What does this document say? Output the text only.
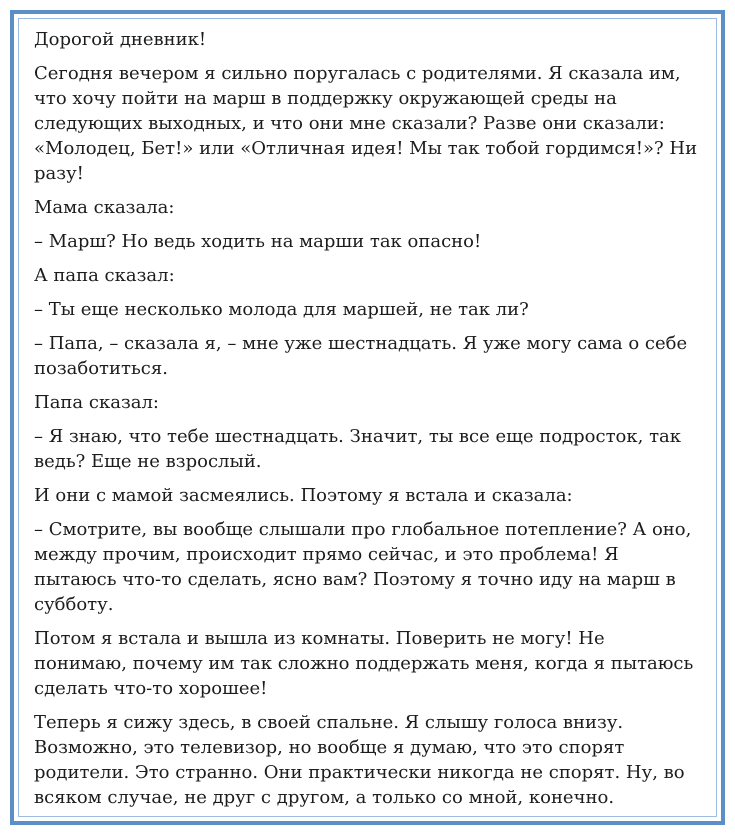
Дорогой дневник!

Сегодня вечером я сильно поругалась с родителями. Я сказала им, что хочу пойти на марш в поддержку окружающей среды на следующих выходных, и что они мне сказали? Разве они сказали: «Молодец, Бет!» или «Отличная идея! Мы так тобой гордимся!»? Ни разу!

Мама сказала:

– Марш? Но ведь ходить на марши так опасно!

А папа сказал:

– Ты еще несколько молода для маршей, не так ли?

– Папа, – сказала я, – мне уже шестнадцать. Я уже могу сама о себе позаботиться.

Папа сказал:

– Я знаю, что тебе шестнадцать. Значит, ты все еще подросток, так ведь? Еще не взрослый.

И они с мамой засмеялись. Поэтому я встала и сказала:

– Смотрите, вы вообще слышали про глобальное потепление? А оно, между прочим, происходит прямо сейчас, и это проблема! Я пытаюсь что-то сделать, ясно вам? Поэтому я точно иду на марш в субботу.

Потом я встала и вышла из комнаты. Поверить не могу! Не понимаю, почему им так сложно поддержать меня, когда я пытаюсь сделать что-то хорошее!

Теперь я сижу здесь, в своей спальне. Я слышу голоса внизу. Возможно, это телевизор, но вообще я думаю, что это спорят родители. Это странно. Они практически никогда не спорят. Ну, во всяком случае, не друг с другом, а только со мной, конечно.
